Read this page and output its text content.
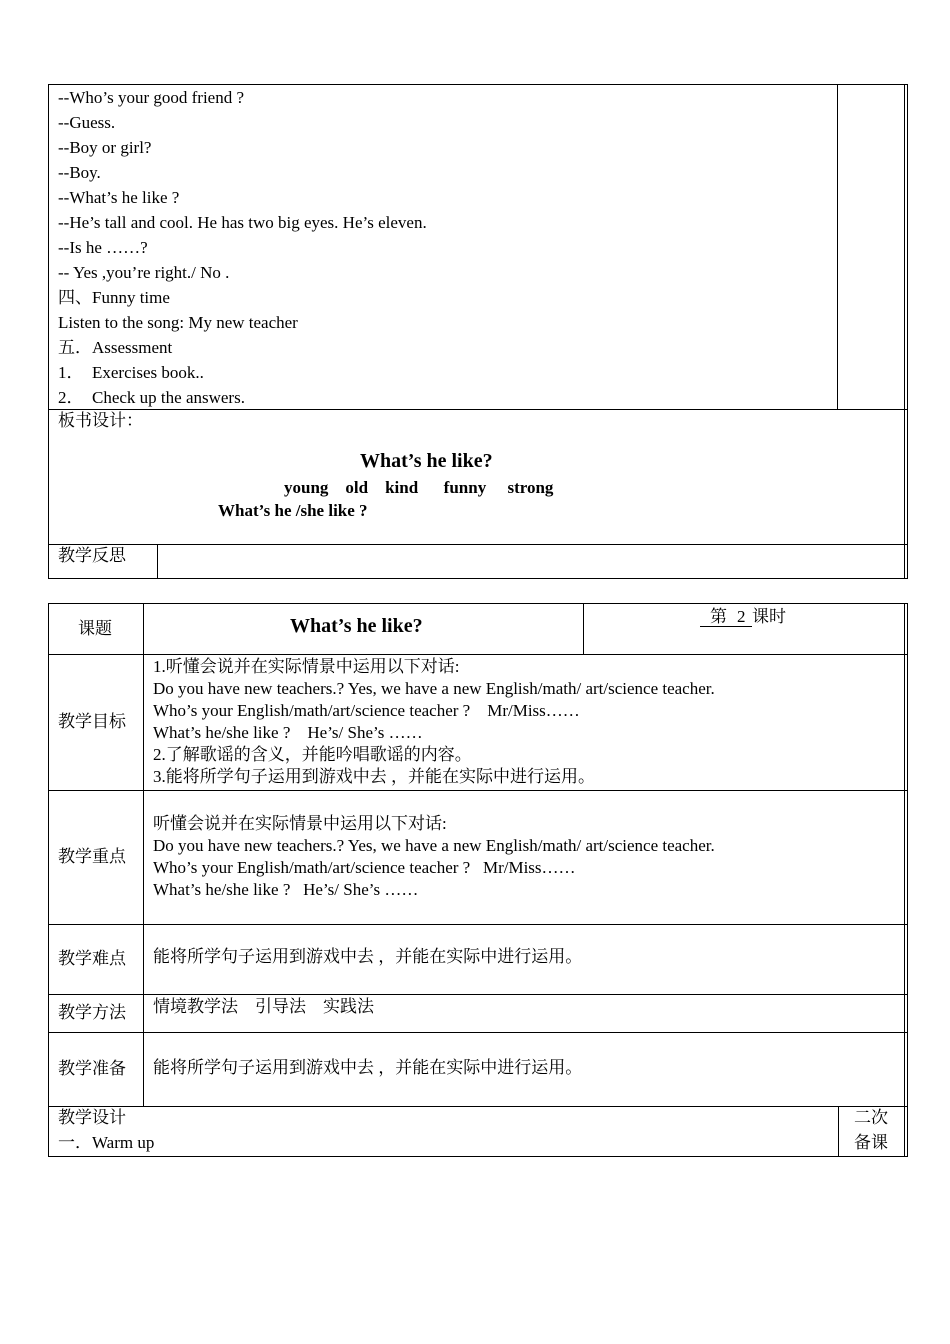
--Who’s your good friend ?
--Guess.
--Boy or girl?
--Boy.
--What’s he like ?
--He’s tall and cool. He has two big eyes. He’s eleven.
--Is he ……?
-- Yes ,you’re right./ No .
四、Funny time
Listen to the song: My new teacher
五．Assessment
1．  Exercises book..
2．  Check up the answers.
板书设计：
What’s he like?
young    old    kind      funny     strong
What’s he /she like ?
教学反思
课题	What’s he like?	第 2 课时
教学目标
1.听懂会说并在实际情景中运用以下对话:
Do you have new teachers.? Yes, we have a new English/math/ art/science teacher.
Who’s your English/math/art/science teacher ?    Mr/Miss……
What’s he/she like ?    He’s/ She’s ……
2.了解歌谣的含义，并能吟唱歌谣的内容。
3.能将所学句子运用到游戏中去 ，并能在实际中进行运用。
教学重点
听懂会说并在实际情景中运用以下对话:
Do you have new teachers.? Yes, we have a new English/math/ art/science teacher.
Who’s your English/math/art/science teacher ?   Mr/Miss……
What’s he/she like ?   He’s/ She’s ……
教学难点 能将所学句子运用到游戏中去 ，并能在实际中进行运用。
教学方法 情境教学法    引导法    实践法
教学准备 能将所学句子运用到游戏中去 ，并能在实际中进行运用。
教学设计
一．Warm up
二次
备课
